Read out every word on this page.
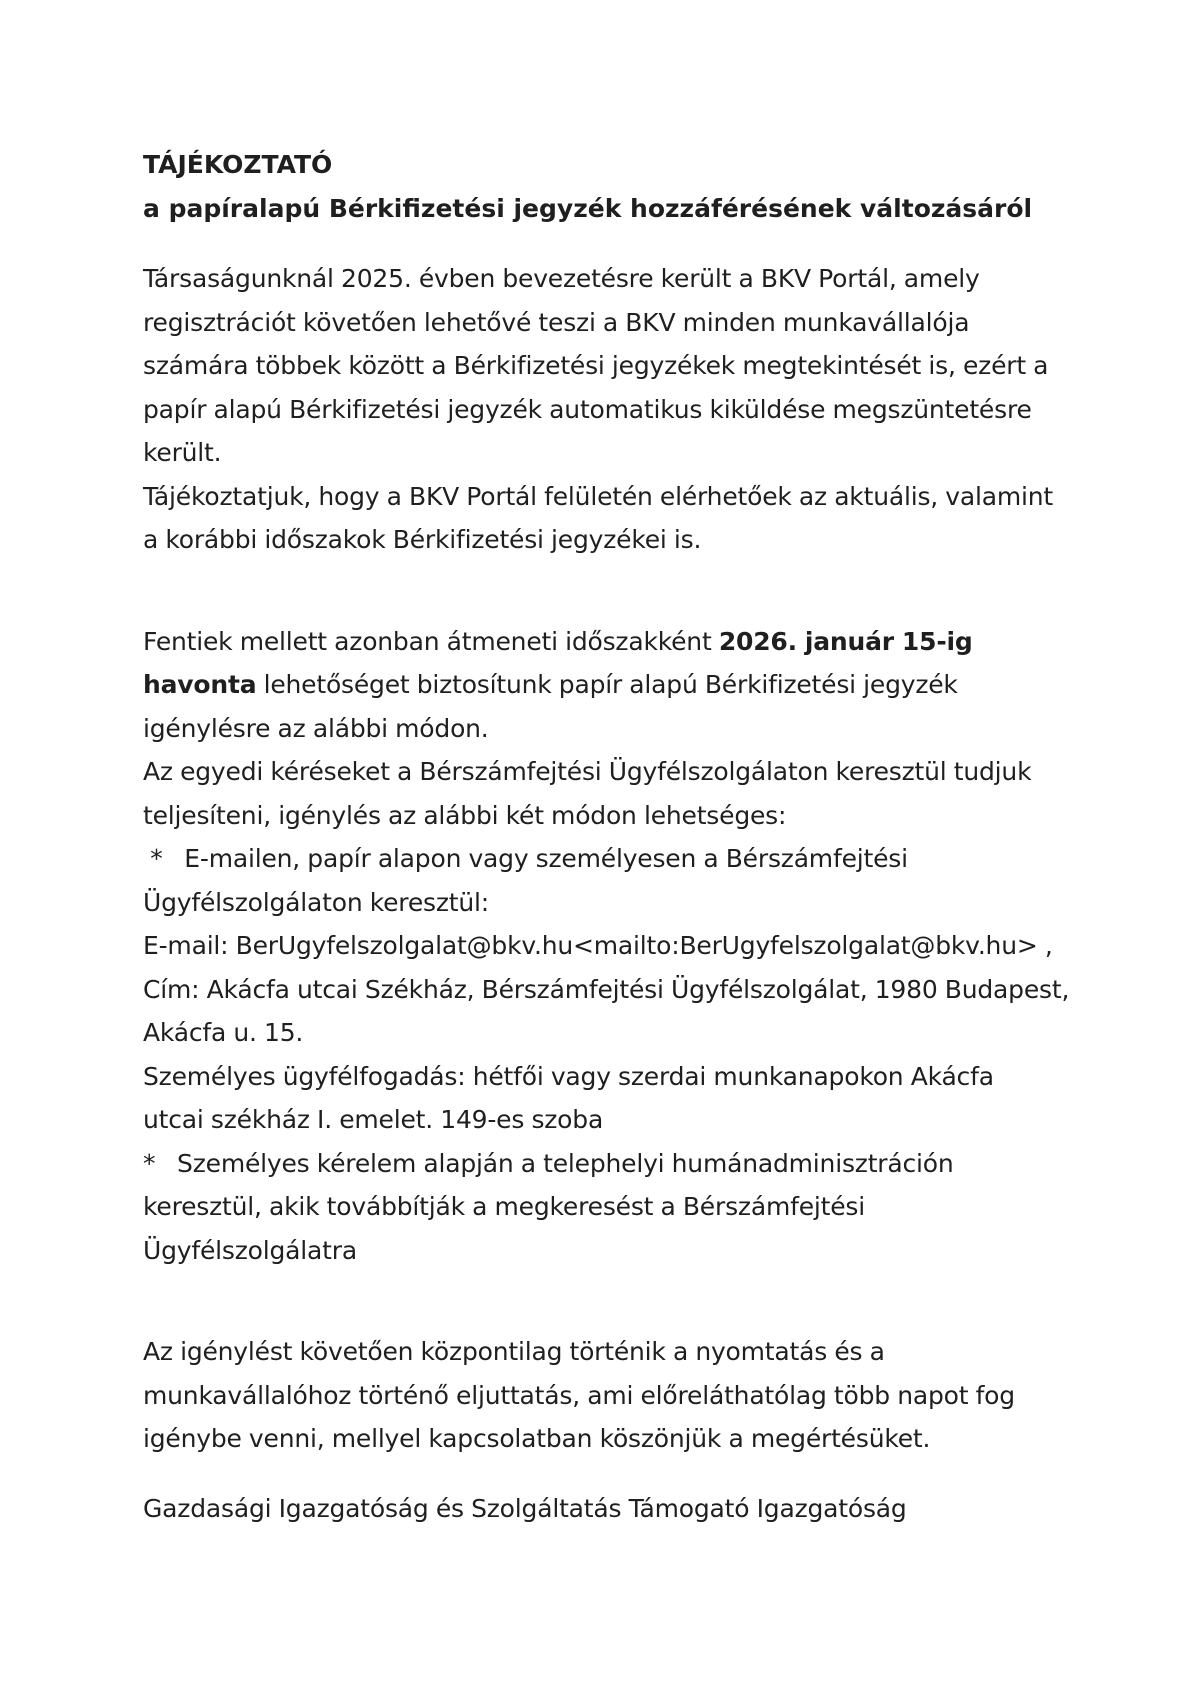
TÁJÉKOZTATÓ
a papíralapú Bérkifizetési jegyzék hozzáférésének változásáról
Társaságunknál 2025. évben bevezetésre került a BKV Portál, amely
regisztrációt követően lehetővé teszi a BKV minden munkavállalója
számára többek között a Bérkifizetési jegyzékek megtekintését is, ezért a
papír alapú Bérkifizetési jegyzék automatikus kiküldése megszüntetésre
került.
Tájékoztatjuk, hogy a BKV Portál felületén elérhetőek az aktuális, valamint
a korábbi időszakok Bérkifizetési jegyzékei is.
Fentiek mellett azonban átmeneti időszakként 2026. január 15-ig
havonta lehetőséget biztosítunk papír alapú Bérkifizetési jegyzék
igénylésre az alábbi módon.
Az egyedi kéréseket a Bérszámfejtési Ügyfélszolgálaton keresztül tudjuk
teljesíteni, igénylés az alábbi két módon lehetséges:
*   E-mailen, papír alapon vagy személyesen a Bérszámfejtési
Ügyfélszolgálaton keresztül:
E-mail: BerUgyfelszolgalat@bkv.hu<mailto:BerUgyfelszolgalat@bkv.hu> ,
Cím: Akácfa utcai Székház, Bérszámfejtési Ügyfélszolgálat, 1980 Budapest,
Akácfa u. 15.
Személyes ügyfélfogadás: hétfői vagy szerdai munkanapokon Akácfa
utcai székház I. emelet. 149-es szoba
*   Személyes kérelem alapján a telephelyi humánadminisztráción
keresztül, akik továbbítják a megkeresést a Bérszámfejtési
Ügyfélszolgálatra
Az igénylést követően központilag történik a nyomtatás és a
munkavállalóhoz történő eljuttatás, ami előreláthatólag több napot fog
igénybe venni, mellyel kapcsolatban köszönjük a megértésüket.
Gazdasági Igazgatóság és Szolgáltatás Támogató Igazgatóság
